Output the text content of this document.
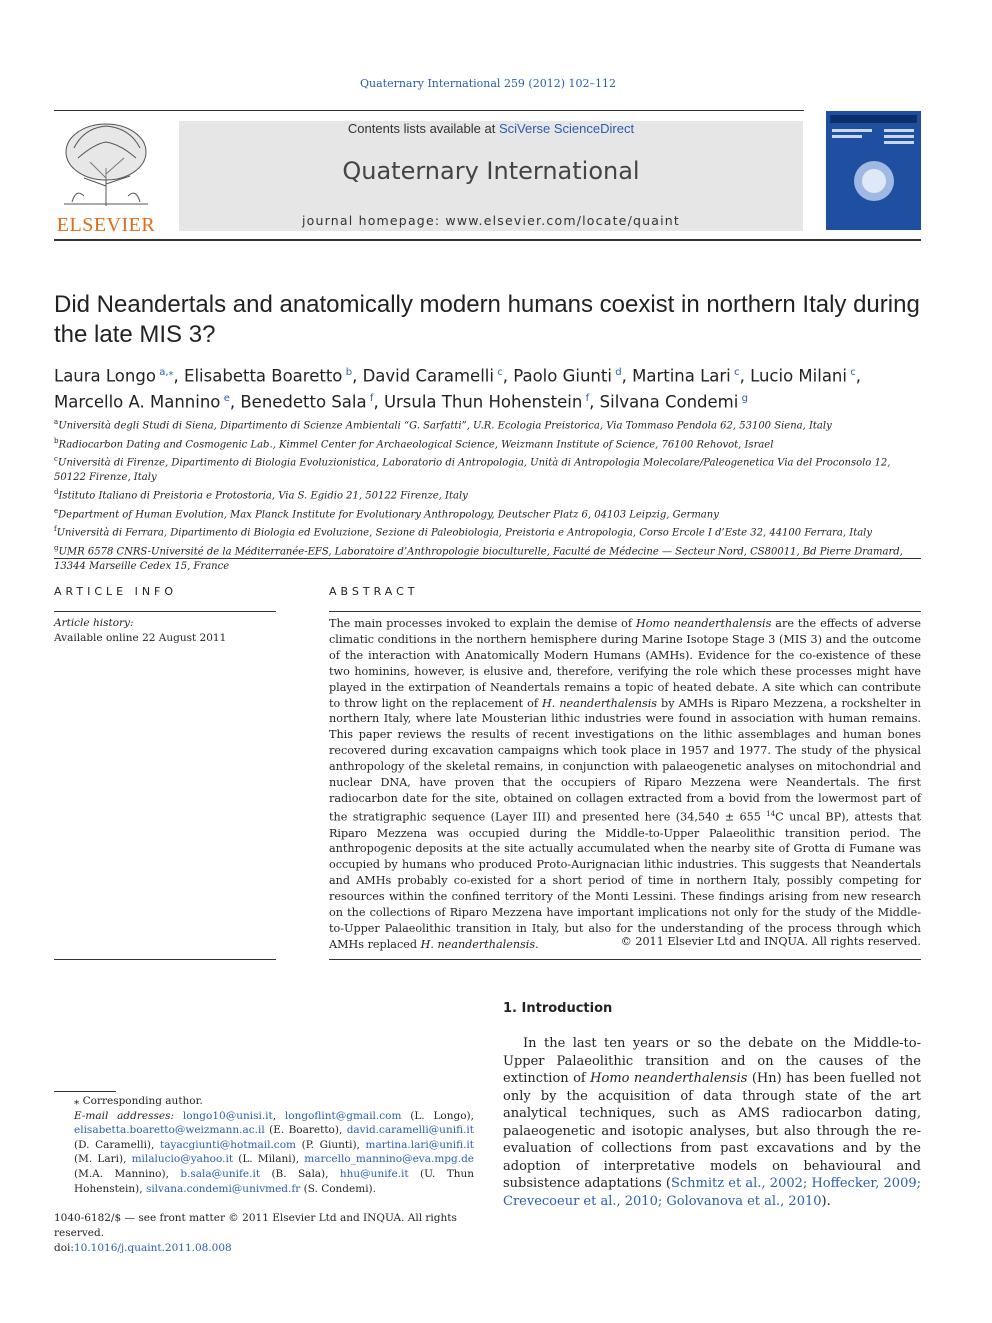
Quaternary International 259 (2012) 102–112
ELSEVIER
Contents lists available at SciVerse ScienceDirect
Quaternary International
journal homepage: www.elsevier.com/locate/quaint
Did Neandertals and anatomically modern humans coexist in northern Italy during the late MIS 3?
Laura Longo  $^{a,⁎}$, Elisabetta Boaretto  $^b$, David Caramelli  $^c$, Paolo Giunti  $^d$, Martina Lari  $^c$, Lucio Milani  $^c$, Marcello A. Mannino  $^e$, Benedetto Sala  $^f$, Ursula Thun Hohenstein  $^f$, Silvana Condemi  $^g$
$^a$Università degli Studi di Siena, Dipartimento di Scienze Ambientali “G. Sarfatti”, U.R. Ecologia Preistorica, Via Tommaso Pendola 62, 53100 Siena, Italy
$^b$Radiocarbon Dating and Cosmogenic Lab., Kimmel Center for Archaeological Science, Weizmann Institute of Science, 76100 Rehovot, Israel
$^c$Università di Firenze, Dipartimento di Biologia Evoluzionistica, Laboratorio di Antropologia, Unità di Antropologia Molecolare/Paleogenetica Via del Proconsolo 12, 50122 Firenze, Italy
$^d$Istituto Italiano di Preistoria e Protostoria, Via S. Egidio 21, 50122 Firenze, Italy
$^e$Department of Human Evolution, Max Planck Institute for Evolutionary Anthropology, Deutscher Platz 6, 04103 Leipzig, Germany
$^f$Università di Ferrara, Dipartimento di Biologia ed Evoluzione, Sezione di Paleobiologia, Preistoria e Antropologia, Corso Ercole I d’Este 32, 44100 Ferrara, Italy
$^g$UMR 6578 CNRS-Université de la Méditerranée-EFS, Laboratoire d’Anthropologie bioculturelle, Faculté de Médecine — Secteur Nord, CS80011, Bd Pierre Dramard, 13344 Marseille Cedex 15, France
ARTICLE INFO
Article history:
Available online 22 August 2011
ABSTRACT
The main processes invoked to explain the demise of Homo neanderthalensis are the effects of adverse climatic conditions in the northern hemisphere during Marine Isotope Stage 3 (MIS 3) and the outcome of the interaction with Anatomically Modern Humans (AMHs). Evidence for the co-existence of these two hominins, however, is elusive and, therefore, verifying the role which these processes might have played in the extirpation of Neandertals remains a topic of heated debate. A site which can contribute to throw light on the replacement of H. neanderthalensis by AMHs is Riparo Mezzena, a rockshelter in northern Italy, where late Mousterian lithic industries were found in association with human remains. This paper reviews the results of recent investigations on the lithic assemblages and human bones recovered during excavation campaigns which took place in 1957 and 1977. The study of the physical anthropology of the skeletal remains, in conjunction with palaeogenetic analyses on mitochondrial and nuclear DNA, have proven that the occupiers of Riparo Mezzena were Neandertals. The first radiocarbon date for the site, obtained on collagen extracted from a bovid from the lowermost part of the stratigraphic sequence (Layer III) and presented here (34,540 ± 655 $^{14}$C uncal BP), attests that Riparo Mezzena was occupied during the Middle-to-Upper Palaeolithic transition period. The anthropogenic deposits at the site actually accumulated when the nearby site of Grotta di Fumane was occupied by humans who produced Proto-Aurignacian lithic industries. This suggests that Neandertals and AMHs probably co-existed for a short period of time in northern Italy, possibly competing for resources within the confined territory of the Monti Lessini. These findings arising from new research on the collections of Riparo Mezzena have important implications not only for the study of the Middle-to-Upper Palaeolithic transition in Italy, but also for the understanding of the process through which AMHs replaced H. neanderthalensis.	© 2011 Elsevier Ltd and INQUA. All rights reserved.
1. Introduction
In the last ten years or so the debate on the Middle-to-Upper Palaeolithic transition and on the causes of the extinction of Homo neanderthalensis (Hn) has been fuelled not only by the acquisition of data through state of the art analytical techniques, such as AMS radiocarbon dating, palaeogenetic and isotopic analyses, but also through the re-evaluation of collections from past excavations and by the adoption of interpretative models on behavioural and subsistence adaptations (Schmitz et al., 2002; Hoffecker, 2009; Crevecoeur et al., 2010; Golovanova et al., 2010).
⁎ Corresponding author.
E-mail addresses: longo10@unisi.it, longoflint@gmail.com (L. Longo), elisabetta.boaretto@weizmann.ac.il (E. Boaretto), david.caramelli@unifi.it (D. Caramelli), tayacgiunti@hotmail.com (P. Giunti), martina.lari@unifi.it (M. Lari), milalucio@yahoo.it (L. Milani), marcello_mannino@eva.mpg.de (M.A. Mannino), b.sala@unife.it (B. Sala), hhu@unife.it (U. Thun Hohenstein), silvana.condemi@univmed.fr (S. Condemi).
1040-6182/$ — see front matter © 2011 Elsevier Ltd and INQUA. All rights reserved.
doi:10.1016/j.quaint.2011.08.008
